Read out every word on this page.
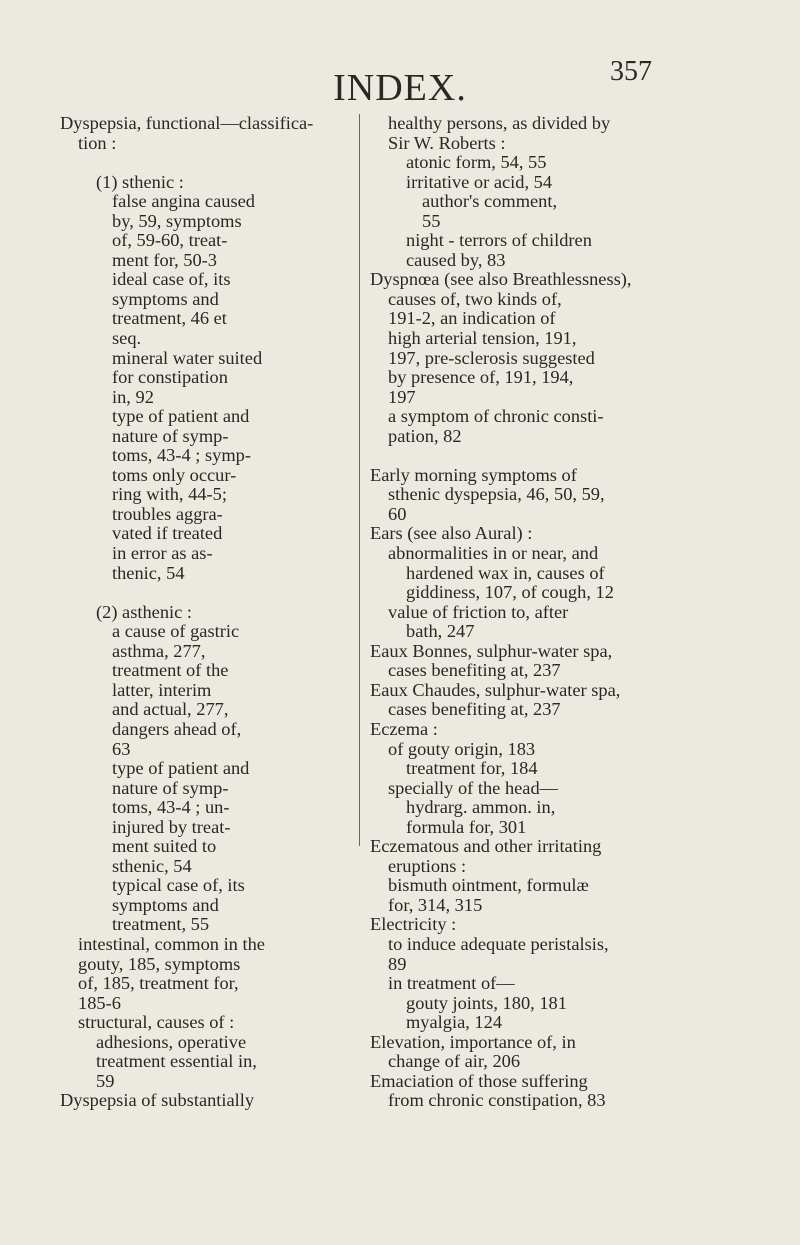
INDEX.	357
Dyspepsia, functional—classifica-
tion :
(1) sthenic :
false angina caused
by, 59, symptoms
of, 59-60, treat-
ment for, 50-3
ideal case of, its
symptoms and
treatment, 46 et
seq.
mineral water suited
for constipation
in, 92
type of patient and
nature of symp-
toms, 43-4 ; symp-
toms only occur-
ring with, 44-5;
troubles aggra-
vated if treated
in error as as-
thenic, 54
(2) asthenic :
a cause of gastric
asthma, 277,
treatment of the
latter, interim
and actual, 277,
dangers ahead of,
63
type of patient and
nature of symp-
toms, 43-4 ; un-
injured by treat-
ment suited to
sthenic, 54
typical case of, its
symptoms and
treatment, 55
intestinal, common in the
gouty, 185, symptoms
of, 185, treatment for,
185-6
structural, causes of :
adhesions, operative
treatment essential in,
59
Dyspepsia of substantially
healthy persons, as divided by
Sir W. Roberts :
atonic form, 54, 55
irritative or acid, 54
author's comment,
55
night - terrors of children
caused by, 83
Dyspnœa (see also Breathlessness),
causes of, two kinds of,
191-2, an indication of
high arterial tension, 191,
197, pre-sclerosis suggested
by presence of, 191, 194,
197
a symptom of chronic consti-
pation, 82
Early morning symptoms of
sthenic dyspepsia, 46, 50, 59,
60
Ears (see also Aural) :
abnormalities in or near, and
hardened wax in, causes of
giddiness, 107, of cough, 12
value of friction to, after
bath, 247
Eaux Bonnes, sulphur-water spa,
cases benefiting at, 237
Eaux Chaudes, sulphur-water spa,
cases benefiting at, 237
Eczema :
of gouty origin, 183
treatment for, 184
specially of the head—
hydrarg. ammon. in,
formula for, 301
Eczematous and other irritating
eruptions :
bismuth ointment, formulæ
for, 314, 315
Electricity :
to induce adequate peristalsis,
89
in treatment of—
gouty joints, 180, 181
myalgia, 124
Elevation, importance of, in
change of air, 206
Emaciation of those suffering
from chronic constipation, 83
